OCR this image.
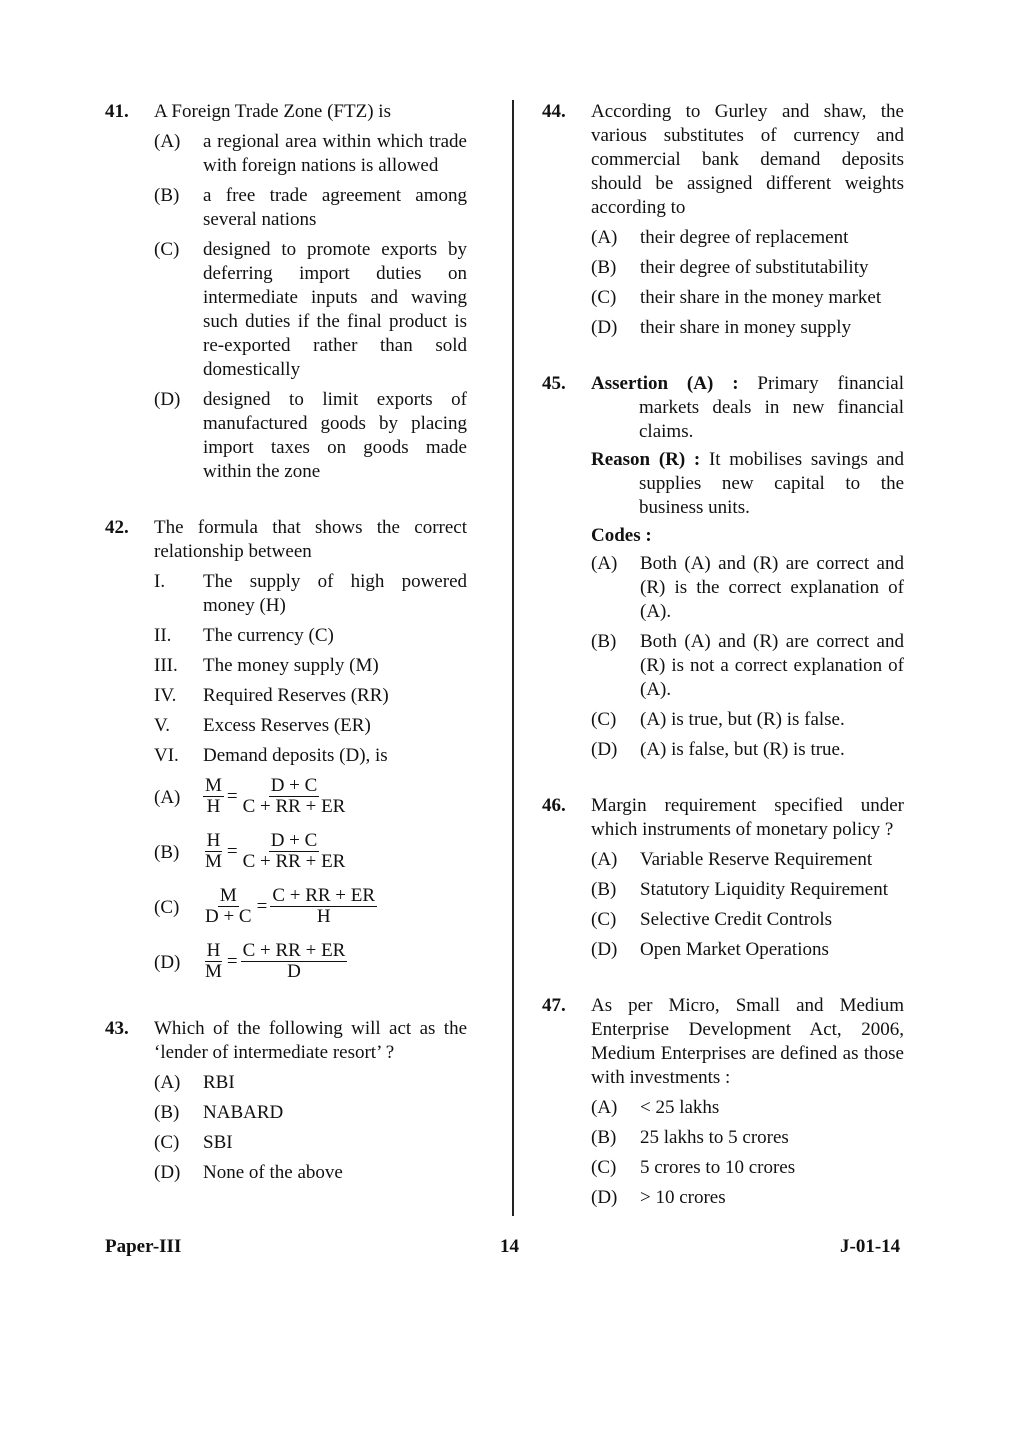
41. A Foreign Trade Zone (FTZ) is
(A) a regional area within which trade with foreign nations is allowed
(B) a free trade agreement among several nations
(C) designed to promote exports by deferring import duties on intermediate inputs and waving such duties if the final product is re-exported rather than sold domestically
(D) designed to limit exports of manufactured goods by placing import taxes on goods made within the zone
42. The formula that shows the correct relationship between
I. The supply of high powered money (H)
II. The currency (C)
III. The money supply (M)
IV. Required Reserves (RR)
V. Excess Reserves (ER)
VI. Demand deposits (D), is
$(A) \frac{M}{H} = \frac{D + C}{C + RR + ER}$
$(B) \frac{H}{M} = \frac{D + C}{C + RR + ER}$
$(C) \frac{M}{D + C} = \frac{C + RR + ER}{H}$
$(D) \frac{H}{M} = \frac{C + RR + ER}{D}$
43. Which of the following will act as the ‘lender of intermediate resort’ ?
(A) RBI
(B) NABARD
(C) SBI
(D) None of the above
44. According to Gurley and shaw, the various substitutes of currency and commercial bank demand deposits should be assigned different weights according to
(A) their degree of replacement
(B) their degree of substitutability
(C) their share in the money market
(D) their share in money supply
45. Assertion (A) : Primary financial markets deals in new financial claims.
Reason (R) : It mobilises savings and supplies new capital to the business units.
Codes :
(A) Both (A) and (R) are correct and (R) is the correct explanation of (A).
(B) Both (A) and (R) are correct and (R) is not a correct explanation of (A).
(C) (A) is true, but (R) is false.
(D) (A) is false, but (R) is true.
46. Margin requirement specified under which instruments of monetary policy ?
(A) Variable Reserve Requirement
(B) Statutory Liquidity Requirement
(C) Selective Credit Controls
(D) Open Market Operations
47. As per Micro, Small and Medium Enterprise Development Act, 2006, Medium Enterprises are defined as those with investments :
(A) < 25 lakhs
(B) 25 lakhs to 5 crores
(C) 5 crores to 10 crores
(D) > 10 crores
Paper-III	14	J-01-14
